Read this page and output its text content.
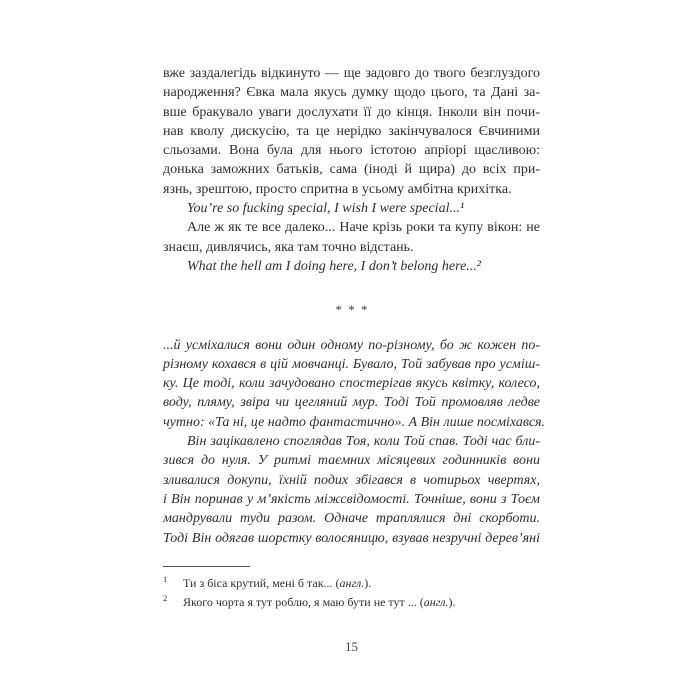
вже заздалегідь відкинуто — ще задовго до твого безглуздого
народження? Євка мала якусь думку щодо цього, та Дані за-
вше бракувало уваги дослухати її до кінця. Інколи він почи-
нав кволу дискусію, та це нерідко закінчувалося Євчиними
сльозами. Вона була для нього істотою апріорі щасливою:
донька заможних батьків, сама (іноді й щира) до всіх при-
язнь, зрештою, просто спритна в усьому амбітна крихітка.
You’re so fucking special, I wish I were special...¹
Але ж як те все далеко... Наче крізь роки та купу вікон: не
знаєш, дивлячись, яка там точно відстань.
What the hell am I doing here, I don’t belong here...²
* * *
...й усміхалися вони один одному по-різному, бо ж кожен по-
різному кохався в цій мовчанці. Бувало, Той забував про усміш-
ку. Це тоді, коли зачудовано спостерігав якусь квітку, колесо,
воду, пляму, звіра чи цегляний мур. Тоді Той промовляв ледве
чутно: «Та ні, це надто фантастично». А Він лише посміхався.
Він зацікавлено споглядав Тоя, коли Той спав. Тоді час бли-
зився до нуля. У ритмі таємних місяцевих годинників вони
зливалися докупи, їхній подих збігався в чотирьох чвертях,
і Він поринав у м’якість міжсвідомості. Точніше, вони з Тоєм
мандрували туди разом. Одначе траплялися дні скорботи.
Тоді Він одягав шорстку волосяницю, взував незручні дерев’яні
$^1$ Ти з біса крутий, мені б так... (англ.).
$^2$ Якого чорта я тут роблю, я маю бути не тут ... (англ.).
15
